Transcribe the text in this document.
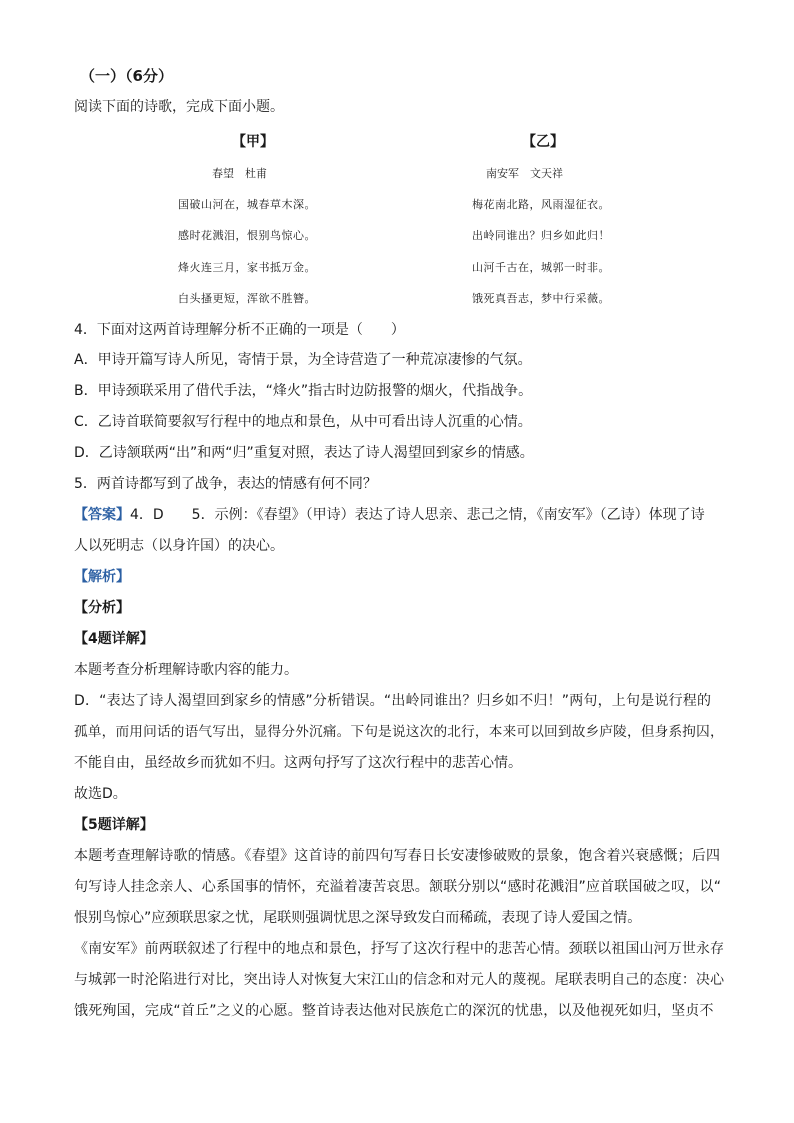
（一）（6分）
阅读下面的诗歌，完成下面小题。
【甲】
春望　杜甫
国破山河在，城春草木深。
感时花溅泪，恨别鸟惊心。
烽火连三月，家书抵万金。
白头搔更短，浑欲不胜簪。
【乙】
南安军　文天祥
梅花南北路，风雨湿征衣。
出岭同谁出？归乡如此归！
山河千古在，城郭一时非。
饿死真吾志，梦中行采薇。
4．下面对这两首诗理解分析不正确的一项是（　　）
A．甲诗开篇写诗人所见，寄情于景，为全诗营造了一种荒凉凄惨的气氛。
B．甲诗颈联采用了借代手法，“烽火”指古时边防报警的烟火，代指战争。
C．乙诗首联简要叙写行程中的地点和景色，从中可看出诗人沉重的心情。
D．乙诗颔联两“出”和两“归”重复对照，表达了诗人渴望回到家乡的情感。
5．两首诗都写到了战争，表达的情感有何不同？
【答案】4．D　　5．示例：《春望》（甲诗）表达了诗人思亲、悲己之情，《南安军》（乙诗）体现了诗
人以死明志（以身许国）的决心。
【解析】
【分析】
【4题详解】
本题考查分析理解诗歌内容的能力。
D．“表达了诗人渴望回到家乡的情感”分析错误。“出岭同谁出？归乡如不归！”两句，上句是说行程的
孤单，而用问话的语气写出，显得分外沉痛。下句是说这次的北行，本来可以回到故乡庐陵，但身系拘囚，
不能自由，虽经故乡而犹如不归。这两句抒写了这次行程中的悲苦心情。
故选D。
【5题详解】
本题考查理解诗歌的情感。《春望》这首诗的前四句写春日长安凄惨破败的景象，饱含着兴衰感慨；后四
句写诗人挂念亲人、心系国事的情怀，充溢着凄苦哀思。颔联分别以“感时花溅泪”应首联国破之叹，以“
恨别鸟惊心”应颈联思家之忧，尾联则强调忧思之深导致发白而稀疏，表现了诗人爱国之情。
《南安军》前两联叙述了行程中的地点和景色，抒写了这次行程中的悲苦心情。颈联以祖国山河万世永存
与城郭一时沦陷进行对比，突出诗人对恢复大宋江山的信念和对元人的蔑视。尾联表明自己的态度：决心
饿死殉国，完成“首丘”之义的心愿。整首诗表达他对民族危亡的深沉的忧患，以及他视死如归，坚贞不
